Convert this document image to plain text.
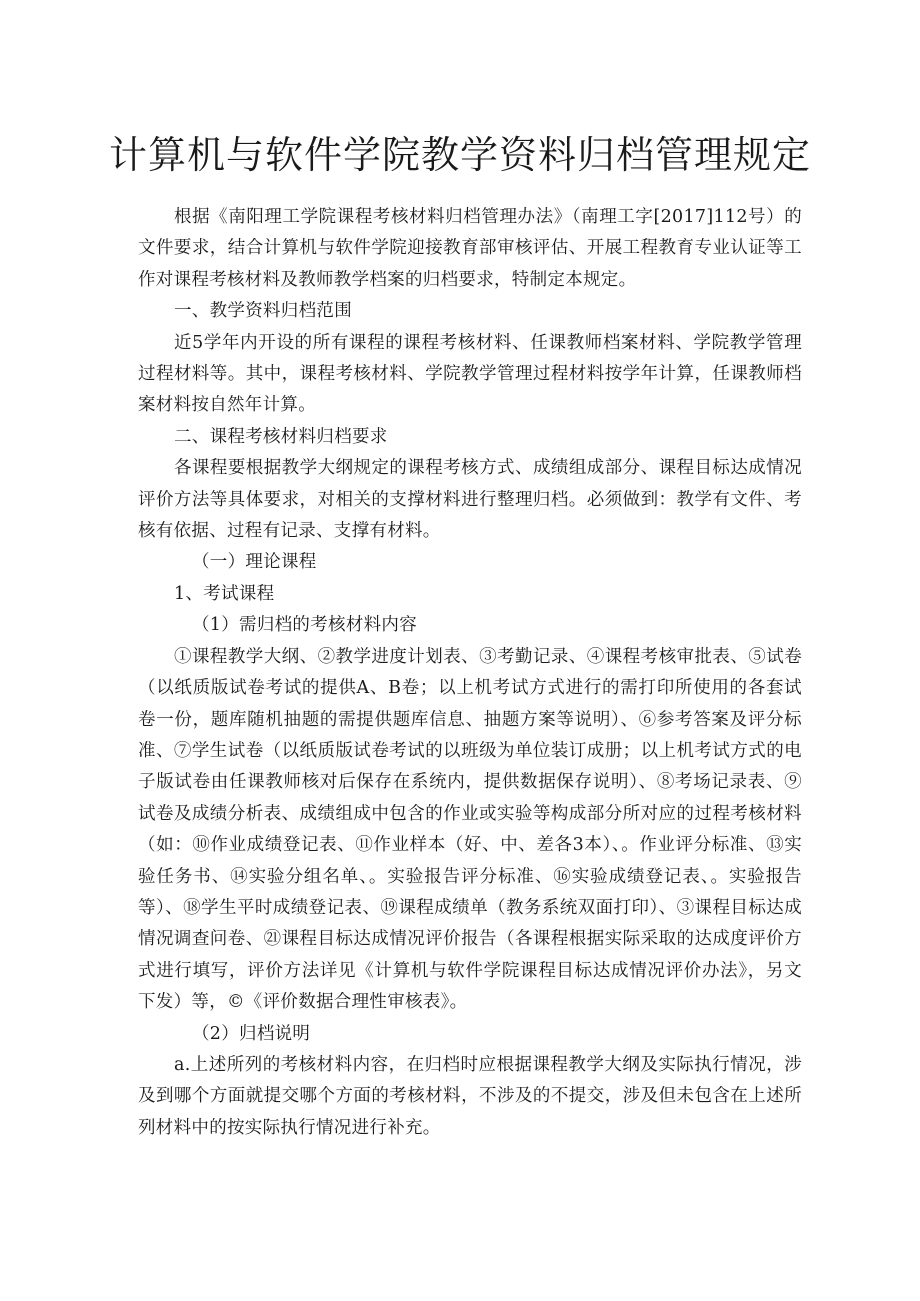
计算机与软件学院教学资料归档管理规定

根据《南阳理工学院课程考核材料归档管理办法》（南理工字[2017]112号）的文件要求，结合计算机与软件学院迎接教育部审核评估、开展工程教育专业认证等工作对课程考核材料及教师教学档案的归档要求，特制定本规定。

一、教学资料归档范围

近5学年内开设的所有课程的课程考核材料、任课教师档案材料、学院教学管理过程材料等。其中，课程考核材料、学院教学管理过程材料按学年计算，任课教师档案材料按自然年计算。

二、课程考核材料归档要求

各课程要根据教学大纲规定的课程考核方式、成绩组成部分、课程目标达成情况评价方法等具体要求，对相关的支撑材料进行整理归档。必须做到：教学有文件、考核有依据、过程有记录、支撑有材料。

（一）理论课程

1、考试课程

（1）需归档的考核材料内容

①课程教学大纲、②教学进度计划表、③考勤记录、④课程考核审批表、⑤试卷（以纸质版试卷考试的提供A、B卷；以上机考试方式进行的需打印所使用的各套试卷一份，题库随机抽题的需提供题库信息、抽题方案等说明）、⑥参考答案及评分标准、⑦学生试卷（以纸质版试卷考试的以班级为单位装订成册；以上机考试方式的电子版试卷由任课教师核对后保存在系统内，提供数据保存说明）、⑧考场记录表、⑨试卷及成绩分析表、成绩组成中包含的作业或实验等构成部分所对应的过程考核材料（如：⑩作业成绩登记表、⑪作业样本（好、中、差各3本）、。作业评分标准、⑬实验任务书、⑭实验分组名单、。实验报告评分标准、⑯实验成绩登记表、。实验报告等）、⑱学生平时成绩登记表、⑲课程成绩单（教务系统双面打印）、③课程目标达成情况调查问卷、㉑课程目标达成情况评价报告（各课程根据实际采取的达成度评价方式进行填写，评价方法详见《计算机与软件学院课程目标达成情况评价办法》，另文下发）等，©《评价数据合理性审核表》。

（2）归档说明

a.上述所列的考核材料内容，在归档时应根据课程教学大纲及实际执行情况，涉及到哪个方面就提交哪个方面的考核材料，不涉及的不提交，涉及但未包含在上述所列材料中的按实际执行情况进行补充。
